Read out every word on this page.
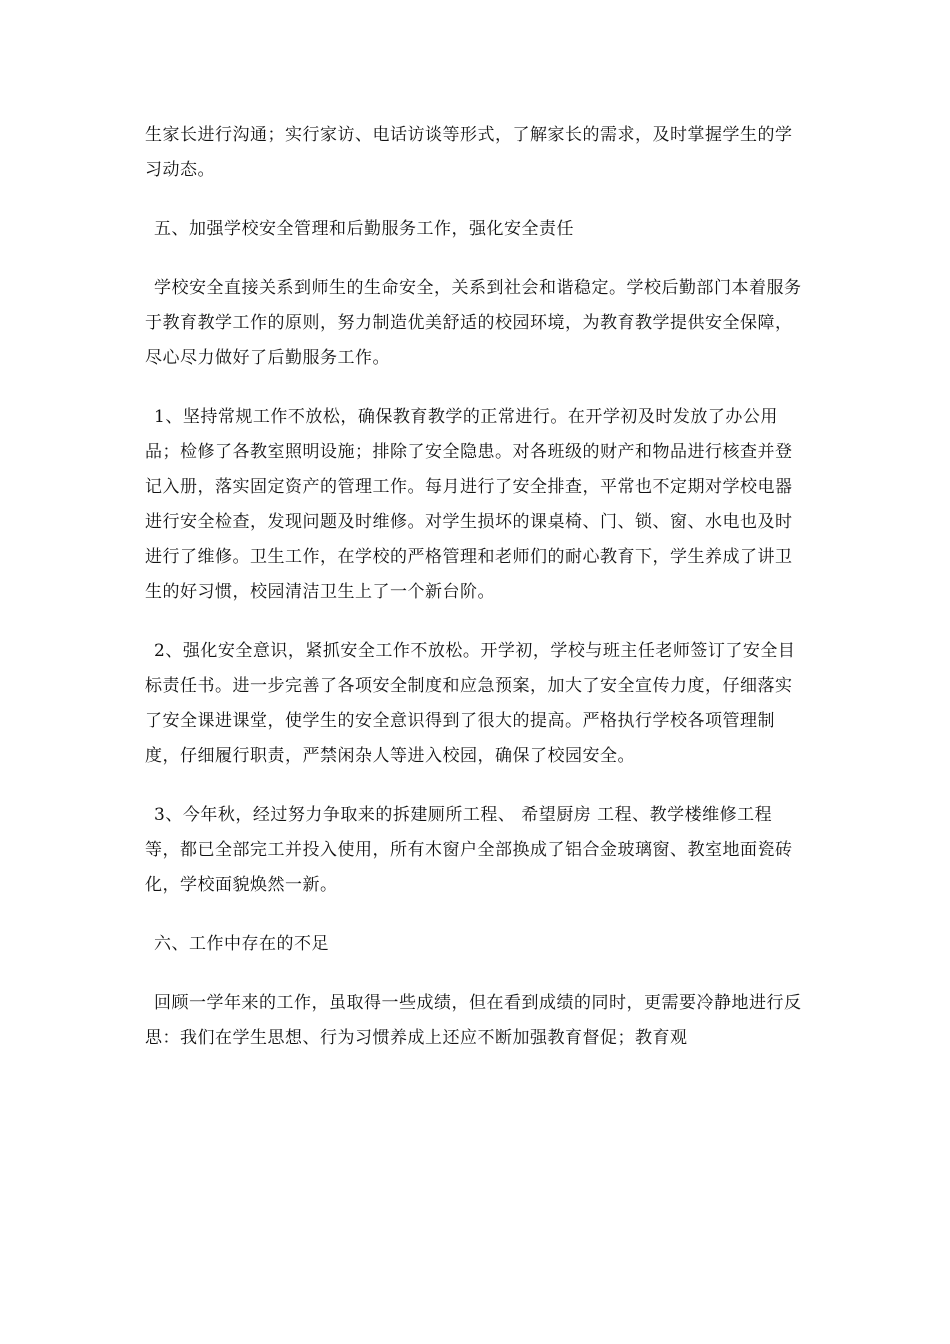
生家长进行沟通；实行家访、电话访谈等形式，了解家长的需求，及时掌握学生的学习动态。

五、加强学校安全管理和后勤服务工作，强化安全责任

学校安全直接关系到师生的生命安全，关系到社会和谐稳定。学校后勤部门本着服务于教育教学工作的原则，努力制造优美舒适的校园环境，为教育教学提供安全保障，尽心尽力做好了后勤服务工作。

1、坚持常规工作不放松，确保教育教学的正常进行。在开学初及时发放了办公用品；检修了各教室照明设施；排除了安全隐患。对各班级的财产和物品进行核查并登记入册，落实固定资产的管理工作。每月进行了安全排查，平常也不定期对学校电器进行安全检查，发现问题及时维修。对学生损坏的课桌椅、门、锁、窗、水电也及时进行了维修。卫生工作，在学校的严格管理和老师们的耐心教育下，学生养成了讲卫生的好习惯，校园清洁卫生上了一个新台阶。

2、强化安全意识，紧抓安全工作不放松。开学初，学校与班主任老师签订了安全目标责任书。进一步完善了各项安全制度和应急预案，加大了安全宣传力度，仔细落实了安全课进课堂，使学生的安全意识得到了很大的提高。严格执行学校各项管理制度，仔细履行职责，严禁闲杂人等进入校园，确保了校园安全。

3、今年秋，经过努力争取来的拆建厕所工程、 希望厨房 工程、教学楼维修工程等，都已全部完工并投入使用，所有木窗户全部换成了铝合金玻璃窗、教室地面瓷砖化，学校面貌焕然一新。

六、工作中存在的不足

回顾一学年来的工作，虽取得一些成绩，但在看到成绩的同时，更需要冷静地进行反思：我们在学生思想、行为习惯养成上还应不断加强教育督促；教育观
